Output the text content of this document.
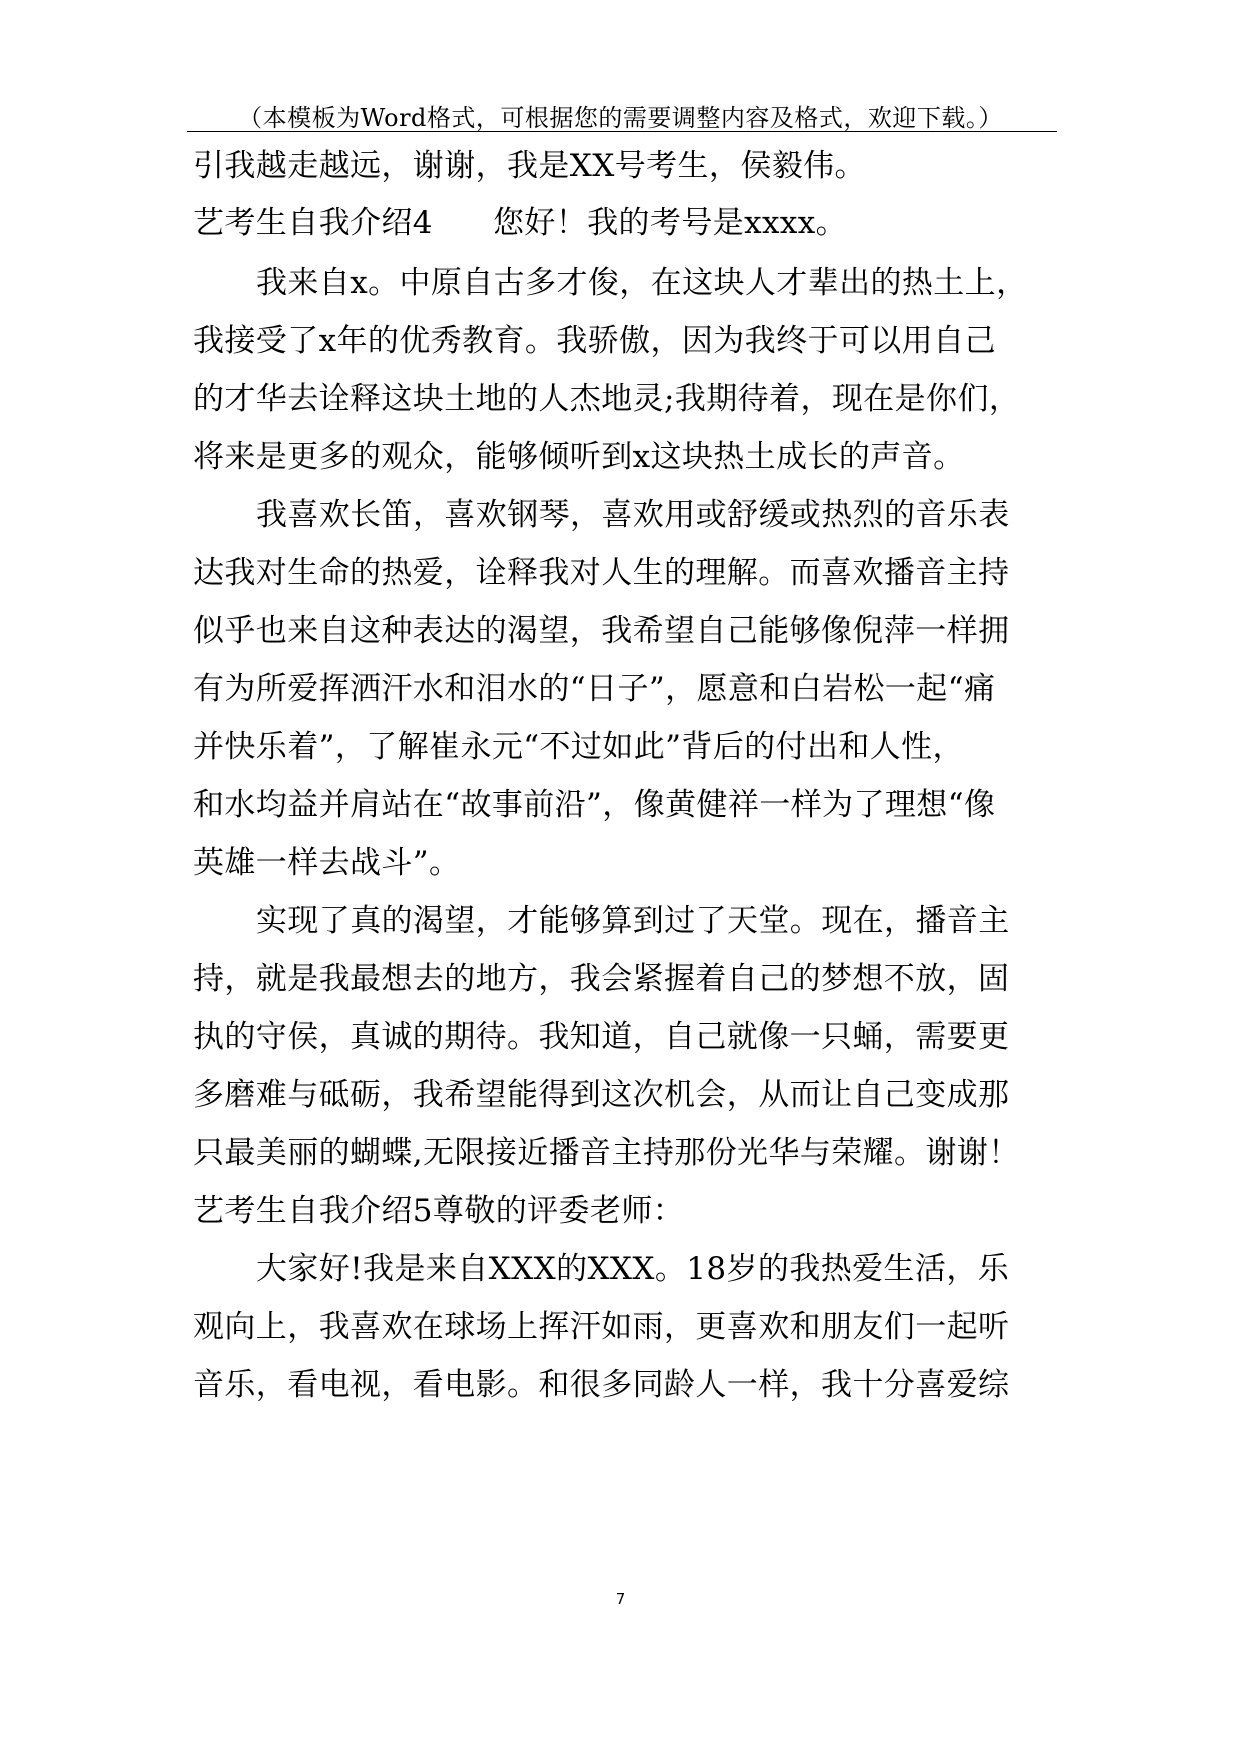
（本模板为Word格式，可根据您的需要调整内容及格式，欢迎下载。）
引我越走越远，谢谢，我是XX号考生，侯毅伟。
艺考生自我介绍4 您好！我的考号是xxxx。
我来自x。中原自古多才俊，在这块人才辈出的热土上，
我接受了x年的优秀教育。我骄傲，因为我终于可以用自己
的才华去诠释这块土地的人杰地灵;我期待着，现在是你们，
将来是更多的观众，能够倾听到x这块热土成长的声音。
我喜欢长笛，喜欢钢琴，喜欢用或舒缓或热烈的音乐表
达我对生命的热爱，诠释我对人生的理解。而喜欢播音主持
似乎也来自这种表达的渴望，我希望自己能够像倪萍一样拥
有为所爱挥洒汗水和泪水的“日子”，愿意和白岩松一起“痛
并快乐着”，了解崔永元“不过如此”背后的付出和人性，
和水均益并肩站在“故事前沿”，像黄健祥一样为了理想“像
英雄一样去战斗”。
实现了真的渴望，才能够算到过了天堂。现在，播音主
持，就是我最想去的地方，我会紧握着自己的梦想不放，固
执的守侯，真诚的期待。我知道，自己就像一只蛹，需要更
多磨难与砥砺，我希望能得到这次机会，从而让自己变成那
只最美丽的蝴蝶,无限接近播音主持那份光华与荣耀。谢谢！
艺考生自我介绍5尊敬的评委老师：
大家好!我是来自XXX的XXX。18岁的我热爱生活，乐
观向上，我喜欢在球场上挥汗如雨，更喜欢和朋友们一起听
音乐，看电视，看电影。和很多同龄人一样，我十分喜爱综
7
